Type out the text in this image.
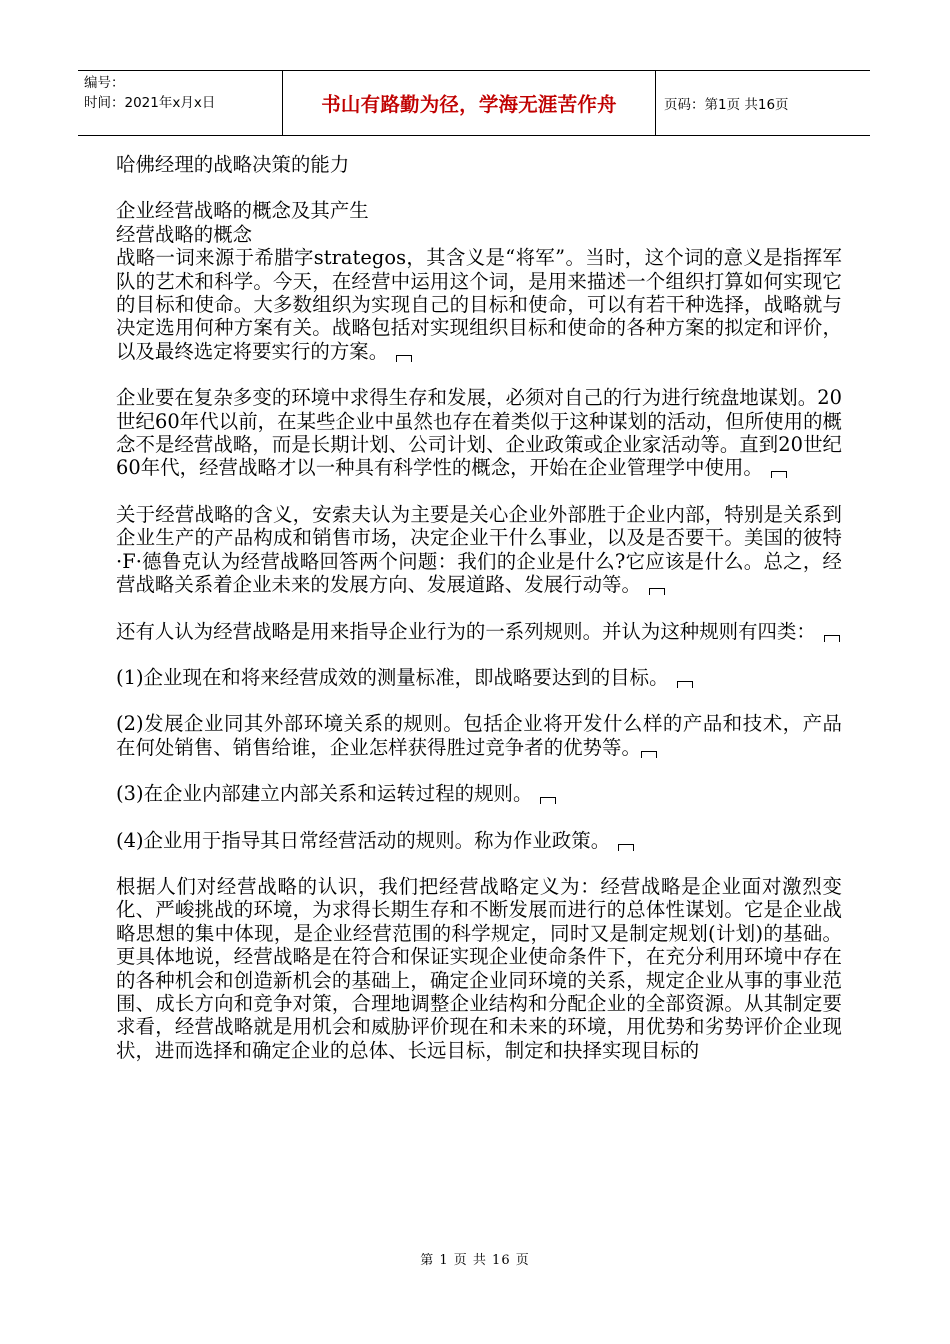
编号：
时间：2021年x月x日	书山有路勤为径，学海无涯苦作舟	页码：第1页 共16页

哈佛经理的战略决策的能力

企业经营战略的概念及其产生

经营战略的概念

战略一词来源于希腊字strategos，其含义是“将军”。当时，这个词的意义是指挥军队的艺术和科学。今天，在经营中运用这个词，是用来描述一个组织打算如何实现它的目标和使命。大多数组织为实现自己的目标和使命，可以有若干种选择，战略就与决定选用何种方案有关。战略包括对实现组织目标和使命的各种方案的拟定和评价，以及最终选定将要实行的方案。

企业要在复杂多变的环境中求得生存和发展，必须对自己的行为进行统盘地谋划。20世纪60年代以前，在某些企业中虽然也存在着类似于这种谋划的活动，但所使用的概念不是经营战略，而是长期计划、公司计划、企业政策或企业家活动等。直到20世纪60年代，经营战略才以一种具有科学性的概念，开始在企业管理学中使用。

关于经营战略的含义，安索夫认为主要是关心企业外部胜于企业内部，特别是关系到企业生产的产品构成和销售市场，决定企业干什么事业，以及是否要干。美国的彼特·F·德鲁克认为经营战略回答两个问题：我们的企业是什么?它应该是什么。总之，经营战略关系着企业未来的发展方向、发展道路、发展行动等。

还有人认为经营战略是用来指导企业行为的一系列规则。并认为这种规则有四类：

(1)企业现在和将来经营成效的测量标准，即战略要达到的目标。

(2)发展企业同其外部环境关系的规则。包括企业将开发什么样的产品和技术，产品在何处销售、销售给谁，企业怎样获得胜过竞争者的优势等。

(3)在企业内部建立内部关系和运转过程的规则。

(4)企业用于指导其日常经营活动的规则。称为作业政策。

根据人们对经营战略的认识，我们把经营战略定义为：经营战略是企业面对激烈变化、严峻挑战的环境，为求得长期生存和不断发展而进行的总体性谋划。它是企业战略思想的集中体现，是企业经营范围的科学规定，同时又是制定规划(计划)的基础。更具体地说，经营战略是在符合和保证实现企业使命条件下，在充分利用环境中存在的各种机会和创造新机会的基础上，确定企业同环境的关系，规定企业从事的事业范围、成长方向和竞争对策，合理地调整企业结构和分配企业的全部资源。从其制定要求看，经营战略就是用机会和威胁评价现在和未来的环境，用优势和劣势评价企业现状，进而选择和确定企业的总体、长远目标，制定和抉择实现目标的

第 1 页 共 16 页
